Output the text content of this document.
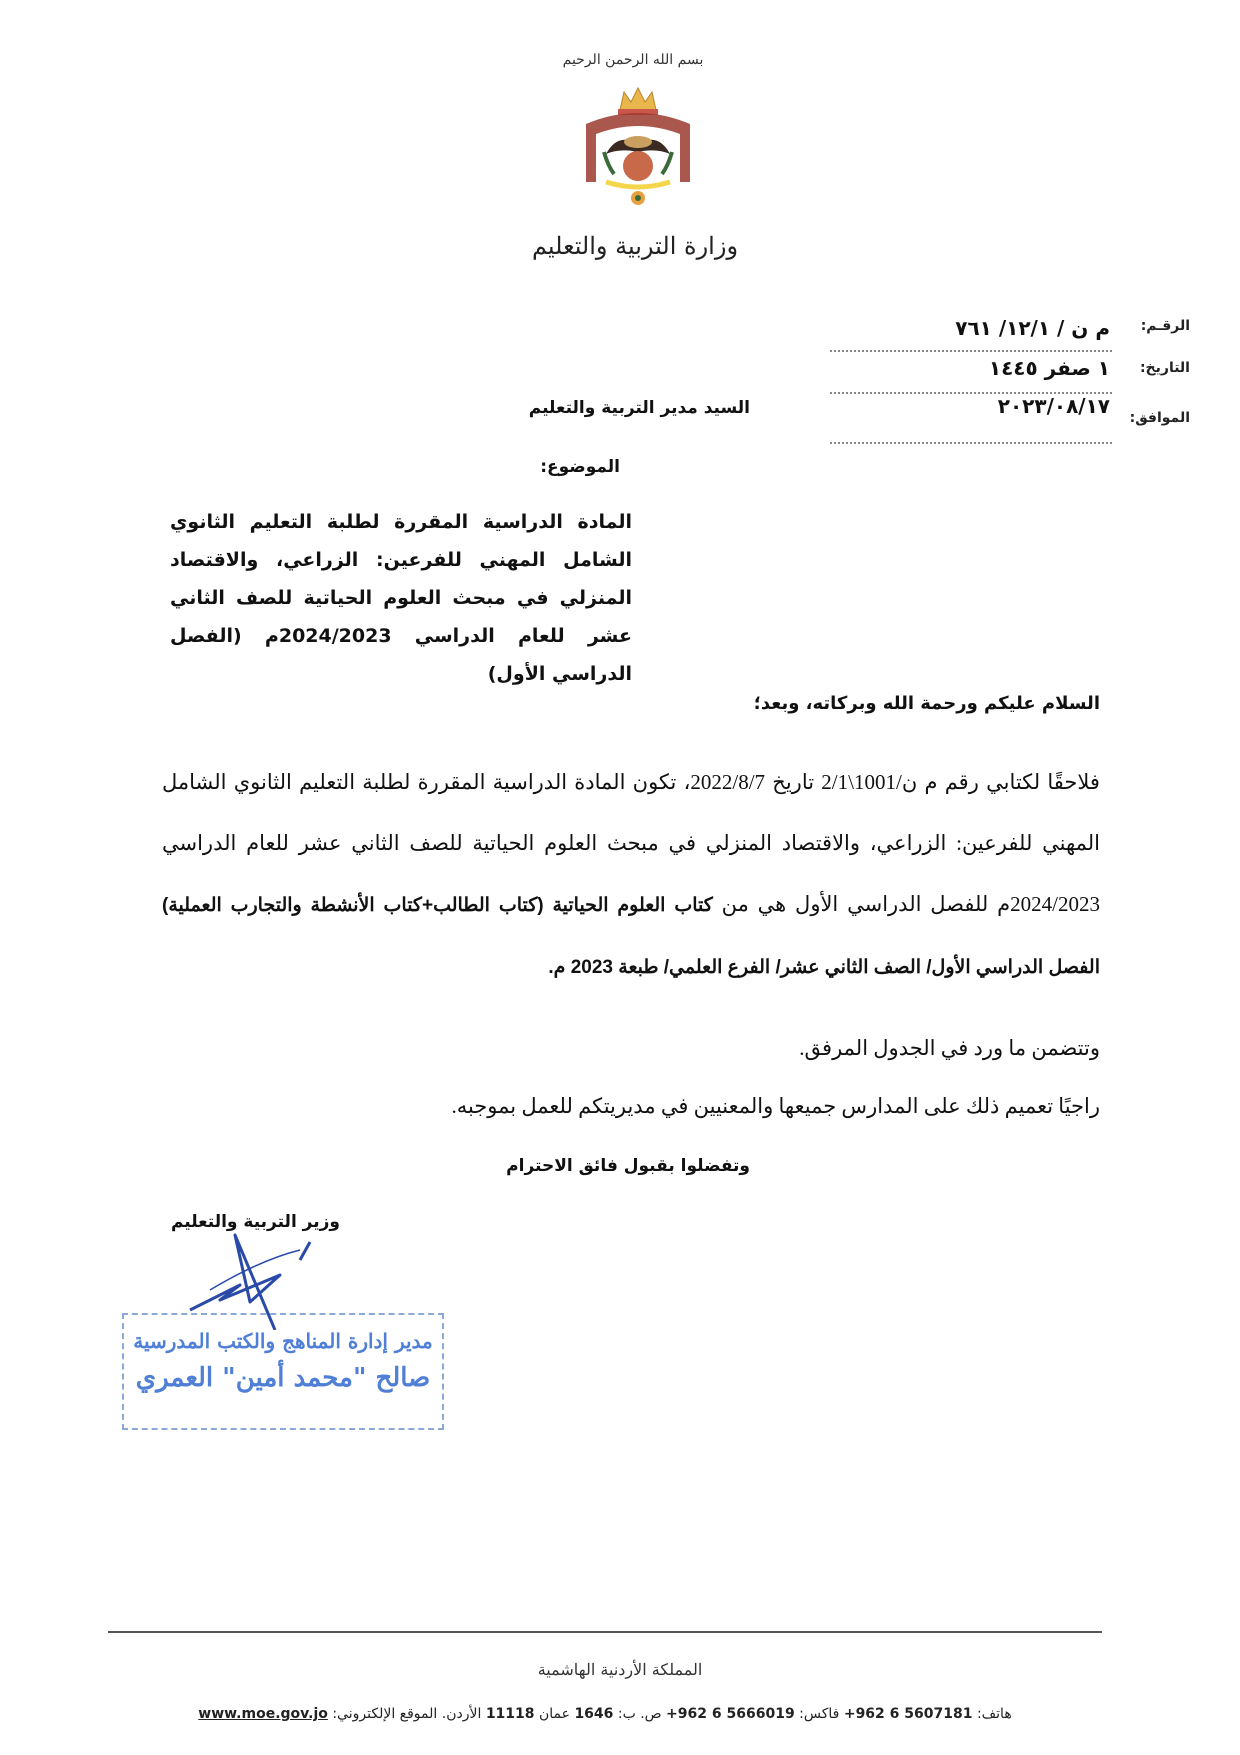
بسم الله الرحمن الرحيم
وزارة التربية والتعليم
الرقـم:
م ن / ١٢/١/ ٧٦١
التاريخ:
١ صفر ١٤٤٥
الموافق:
٢٠٢٣/٠٨/١٧
السيد مدير التربية والتعليم
الموضوع:
المادة الدراسية المقررة لطلبة التعليم الثانوي الشامل المهني للفرعين: الزراعي، والاقتصاد المنزلي في مبحث العلوم الحياتية للصف الثاني عشر للعام الدراسي 2024/2023م (الفصل الدراسي الأول)
السلام عليكم ورحمة الله وبركاته، وبعد؛
فلاحقًا لكتابي رقم م ن/1001\2/1 تاريخ 2022/8/7، تكون المادة الدراسية المقررة لطلبة التعليم الثانوي الشامل المهني للفرعين: الزراعي، والاقتصاد المنزلي في مبحث العلوم الحياتية للصف الثاني عشر للعام الدراسي 2024/2023م للفصل الدراسي الأول هي من كتاب العلوم الحياتية (كتاب الطالب+كتاب الأنشطة والتجارب العملية) الفصل الدراسي الأول/ الصف الثاني عشر/ الفرع العلمي/ طبعة 2023 م.
وتتضمن ما ورد في الجدول المرفق.
راجيًا تعميم ذلك على المدارس جميعها والمعنيين في مديريتكم للعمل بموجبه.
وتفضلوا بقبول فائق الاحترام
وزير التربية والتعليم
مدير إدارة المناهج والكتب المدرسية
صالح "محمد أمين" العمري
المملكة الأردنية الهاشمية
هاتف: 5607181 6 962+ فاكس: 5666019 6 962+ ص. ب: 1646 عمان 11118 الأردن. الموقع الإلكتروني: www.moe.gov.jo
